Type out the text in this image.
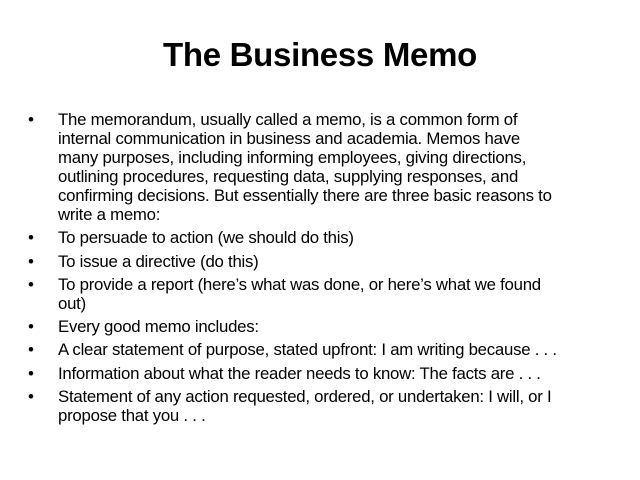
The Business Memo
• The memorandum, usually called a memo, is a common form of
internal communication in business and academia. Memos have
many purposes, including informing employees, giving directions,
outlining procedures, requesting data, supplying responses, and
confirming decisions. But essentially there are three basic reasons to
write a memo:
• To persuade to action (we should do this)
• To issue a directive (do this)
• To provide a report (here’s what was done, or here’s what we found
out)
• Every good memo includes:
• A clear statement of purpose, stated upfront: I am writing because . . .
• Information about what the reader needs to know: The facts are . . .
• Statement of any action requested, ordered, or undertaken: I will, or I
propose that you . . .
